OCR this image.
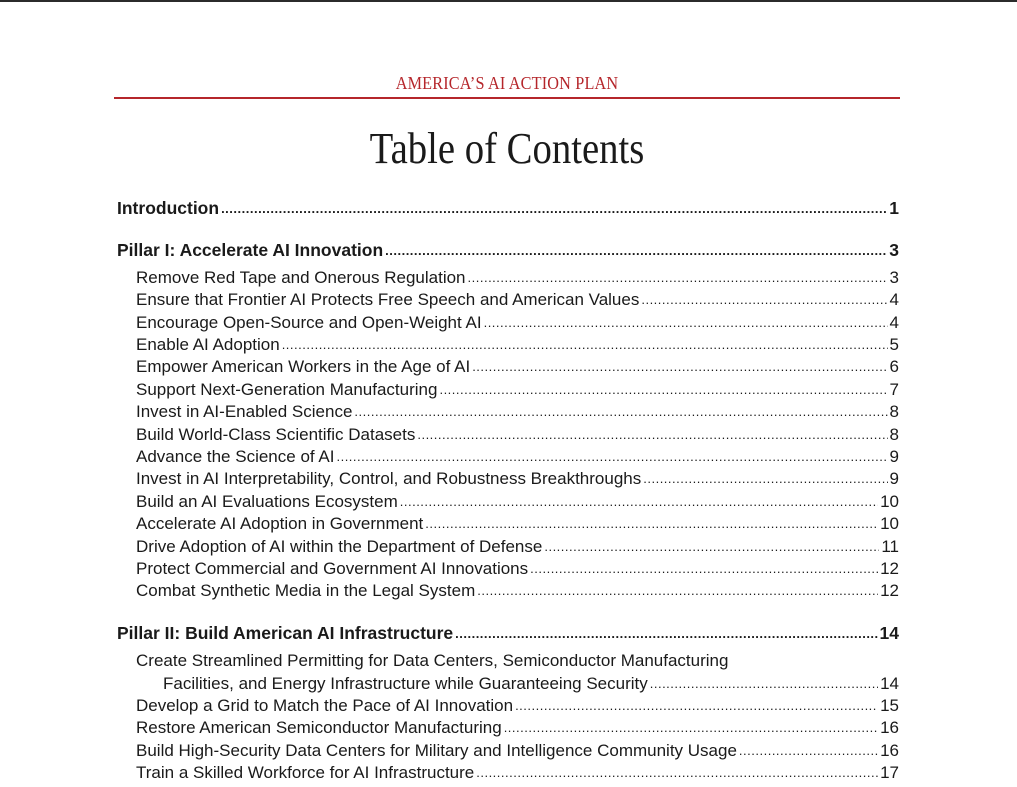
AMERICA’S AI ACTION PLAN
Table of Contents
Introduction .....	1
Pillar I: Accelerate AI Innovation .....	3
Remove Red Tape and Onerous Regulation .....	3
Ensure that Frontier AI Protects Free Speech and American Values .....	4
Encourage Open-Source and Open-Weight AI .....	4
Enable AI Adoption .....	5
Empower American Workers in the Age of AI .....	6
Support Next-Generation Manufacturing .....	7
Invest in AI-Enabled Science .....	8
Build World-Class Scientific Datasets .....	8
Advance the Science of AI .....	9
Invest in AI Interpretability, Control, and Robustness Breakthroughs .....	9
Build an AI Evaluations Ecosystem .....	10
Accelerate AI Adoption in Government .....	10
Drive Adoption of AI within the Department of Defense .....	11
Protect Commercial and Government AI Innovations .....	12
Combat Synthetic Media in the Legal System .....	12
Pillar II: Build American AI Infrastructure .....	14
Create Streamlined Permitting for Data Centers, Semiconductor Manufacturing
Facilities, and Energy Infrastructure while Guaranteeing Security .....	14
Develop a Grid to Match the Pace of AI Innovation .....	15
Restore American Semiconductor Manufacturing .....	16
Build High-Security Data Centers for Military and Intelligence Community Usage .....	16
Train a Skilled Workforce for AI Infrastructure .....	17
